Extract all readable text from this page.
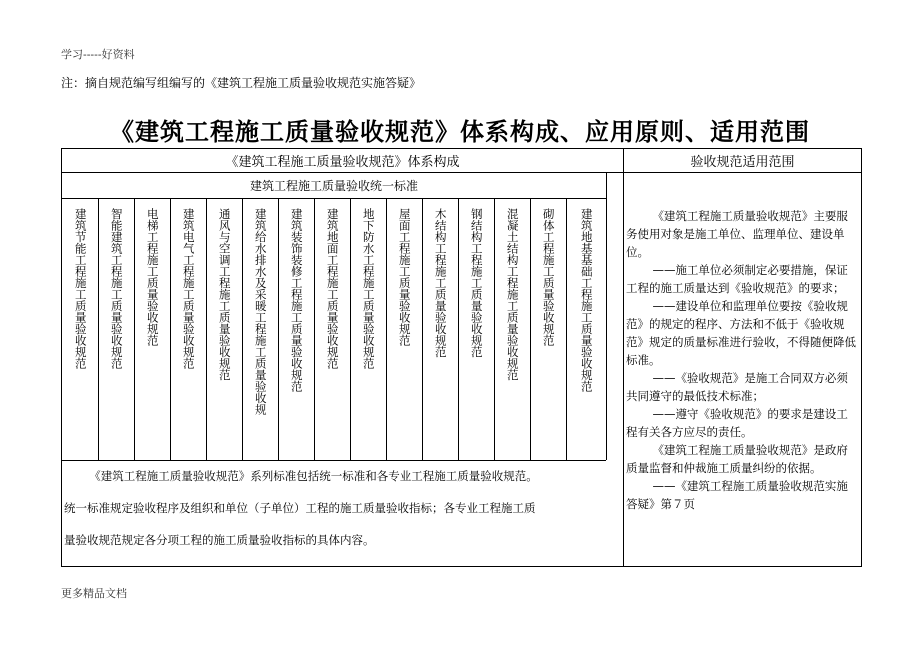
学习-----好资料
注：摘自规范编写组编写的《建筑工程施工质量验收规范实施答疑》
《建筑工程施工质量验收规范》体系构成、应用原则、适用范围
《建筑工程施工质量验收规范》体系构成	验收规范适用范围
建筑工程施工质量验收统一标准
建筑节能工程施工质量验收规范 智能建筑工程施工质量验收规范 电梯工程施工质量验收规范 建筑电气工程施工质量验收规范 通风与空调工程施工质量验收规范 建筑给水排水及采暖工程施工质量验收规 建筑装饰装修工程施工质量验收规范 建筑地面工程施工质量验收规范 地下防水工程施工质量验收规范 屋面工程施工质量验收规范 木结构工程施工质量验收规范 钢结构工程施工质量验收规范 混凝土结构工程施工质量验收规范 砌体工程施工质量验收规范 建筑地基基础工程施工质量验收规范

《建筑工程施工质量验收规范》系列标准包括统一标准和各专业工程施工质量验收规范。

统一标准规定验收程序及组织和单位（子单位）工程的施工质量验收指标；各专业工程施工质

量验收规范规定各分项工程的施工质量验收指标的具体内容。

《建筑工程施工质量验收规范》主要服务使用对象是施工单位、监理单位、建设单位。

——施工单位必须制定必要措施，保证工程的施工质量达到《验收规范》的要求；

——建设单位和监理单位要按《验收规范》的规定的程序、方法和不低于《验收规范》规定的质量标准进行验收，不得随便降低标准。

——《验收规范》是施工合同双方必须共同遵守的最低技术标准；

——遵守《验收规范》的要求是建设工程有关各方应尽的责任。

《建筑工程施工质量验收规范》是政府质量监督和仲裁施工质量纠纷的依据。

——《建筑工程施工质量验收规范实施答疑》第７页

更多精品文档
